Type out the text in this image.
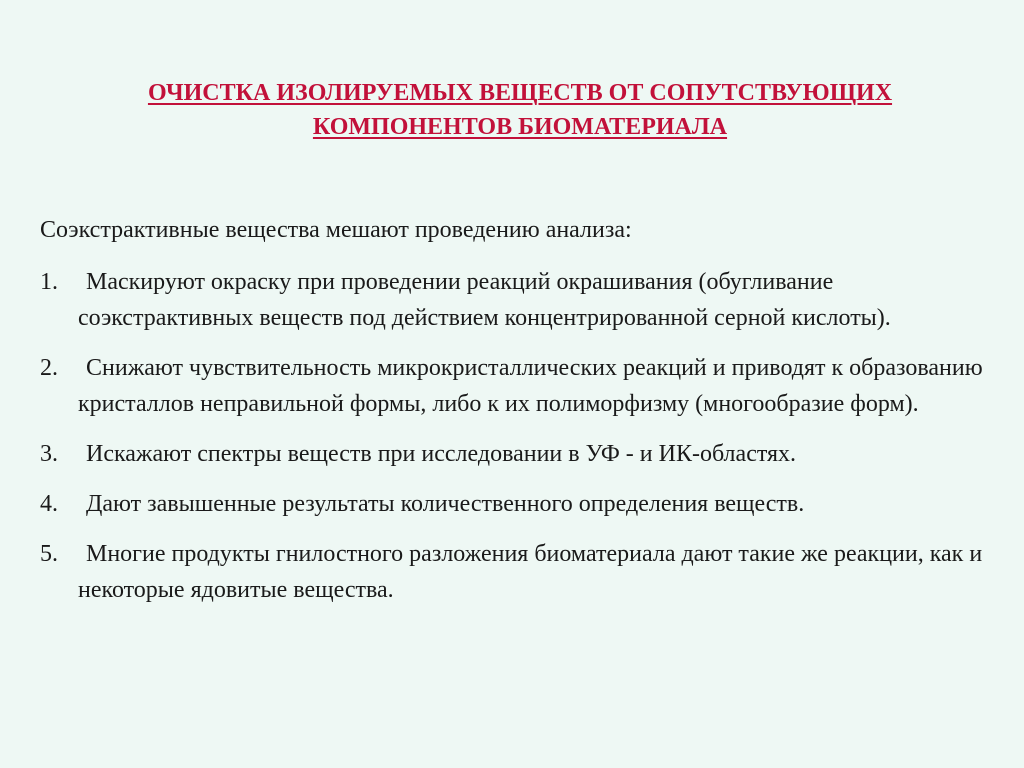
ОЧИСТКА ИЗОЛИРУЕМЫХ ВЕЩЕСТВ ОТ СОПУТСТВУЮЩИХ
КОМПОНЕНТОВ БИОМАТЕРИАЛА
Соэкстрактивные вещества мешают проведению анализа:
1.	Маскируют окраску при проведении реакций окрашивания (обугливание соэкстрактивных веществ под действием концентрированной серной кислоты).
2.	Снижают чувствительность микрокристаллических реакций и приводят к образованию кристаллов неправильной формы, либо к их полиморфизму (многообразие форм).
3.	Искажают спектры веществ при исследовании в УФ - и ИК-областях.
4.	Дают завышенные результаты количественного определения веществ.
5.	Многие продукты гнилостного разложения биоматериала дают такие же реакции, как и некоторые ядовитые вещества.
